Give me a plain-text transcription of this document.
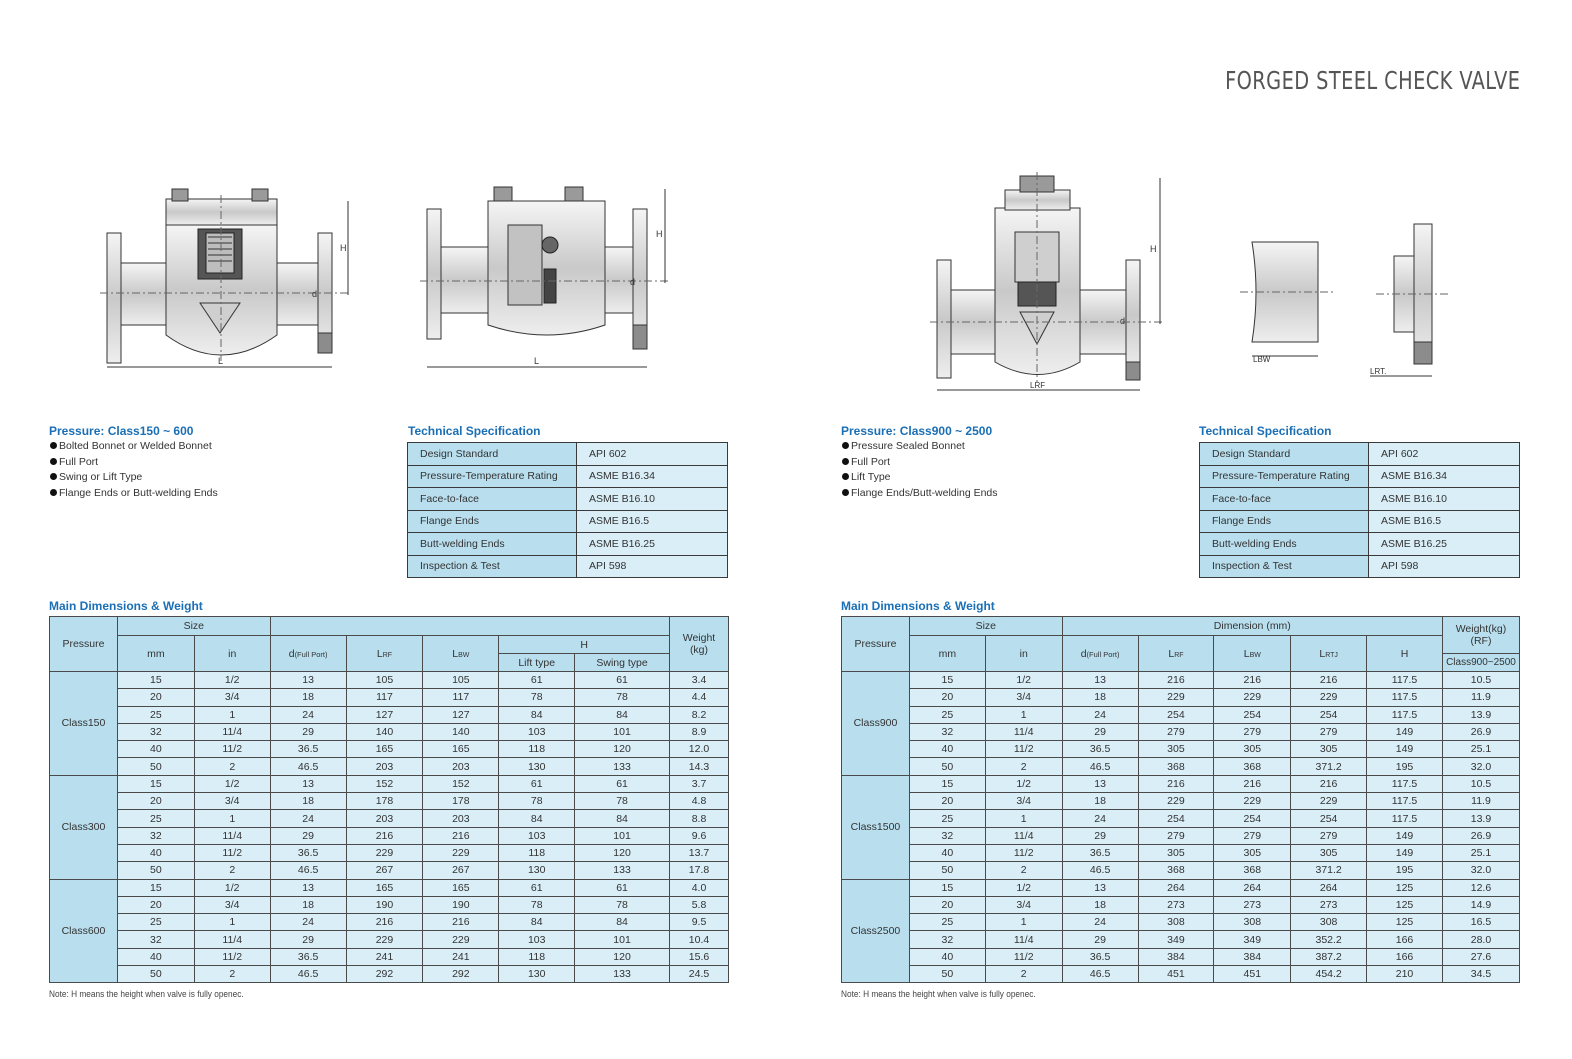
FORGED STEEL CHECK VALVE
L
H
d
L
H
d
LRF
H
d
LBW
LRT.
Pressure: Class150 ~ 600
Bolted Bonnet or Welded Bonnet
Full Port
Swing or Lift Type
Flange Ends or Butt-welding Ends
Technical Specification
Design Standard	API 602
Pressure-Temperature Rating	ASME B16.34
Face-to-face	ASME B16.10
Flange Ends	ASME B16.5
Butt-welding Ends	ASME B16.25
Inspection & Test	API 598
Main Dimensions & Weight
Pressure	Size							Weight
(kg)
	mm	in	d(Full Port)	LRF	LBW	H		
						Lift type	Swing type	
Class150	15	1/2	13	105	105	61	61	3.4
	20	3/4	18	117	117	78	78	4.4
	25	1	24	127	127	84	84	8.2
	32	11/4	29	140	140	103	101	8.9
	40	11/2	36.5	165	165	118	120	12.0
	50	2	46.5	203	203	130	133	14.3
Class300	15	1/2	13	152	152	61	61	3.7
	20	3/4	18	178	178	78	78	4.8
	25	1	24	203	203	84	84	8.8
	32	11/4	29	216	216	103	101	9.6
	40	11/2	36.5	229	229	118	120	13.7
	50	2	46.5	267	267	130	133	17.8
Class600	15	1/2	13	165	165	61	61	4.0
	20	3/4	18	190	190	78	78	5.8
	25	1	24	216	216	84	84	9.5
	32	11/4	29	229	229	103	101	10.4
	40	11/2	36.5	241	241	118	120	15.6
	50	2	46.5	292	292	130	133	24.5
Note: H means the height when valve is fully openec.
Pressure: Class900 ~ 2500
Pressure Sealed Bonnet
Full Port
Lift Type
Flange Ends/Butt-welding Ends
Technical Specification
Design Standard	API 602
Pressure-Temperature Rating	ASME B16.34
Face-to-face	ASME B16.10
Flange Ends	ASME B16.5
Butt-welding Ends	ASME B16.25
Inspection & Test	API 598
Main Dimensions & Weight
Pressure	Size		Dimension (mm)					Weight(kg)
(RF)
	mm	in	d(Full Port)	LRF	LBW	LRTJ	H	
								Class900~2500
Class900	15	1/2	13	216	216	216	117.5	10.5
	20	3/4	18	229	229	229	117.5	11.9
	25	1	24	254	254	254	117.5	13.9
	32	11/4	29	279	279	279	149	26.9
	40	11/2	36.5	305	305	305	149	25.1
	50	2	46.5	368	368	371.2	195	32.0
Class1500	15	1/2	13	216	216	216	117.5	10.5
	20	3/4	18	229	229	229	117.5	11.9
	25	1	24	254	254	254	117.5	13.9
	32	11/4	29	279	279	279	149	26.9
	40	11/2	36.5	305	305	305	149	25.1
	50	2	46.5	368	368	371.2	195	32.0
Class2500	15	1/2	13	264	264	264	125	12.6
	20	3/4	18	273	273	273	125	14.9
	25	1	24	308	308	308	125	16.5
	32	11/4	29	349	349	352.2	166	28.0
	40	11/2	36.5	384	384	387.2	166	27.6
	50	2	46.5	451	451	454.2	210	34.5
Note: H means the height when valve is fully openec.
